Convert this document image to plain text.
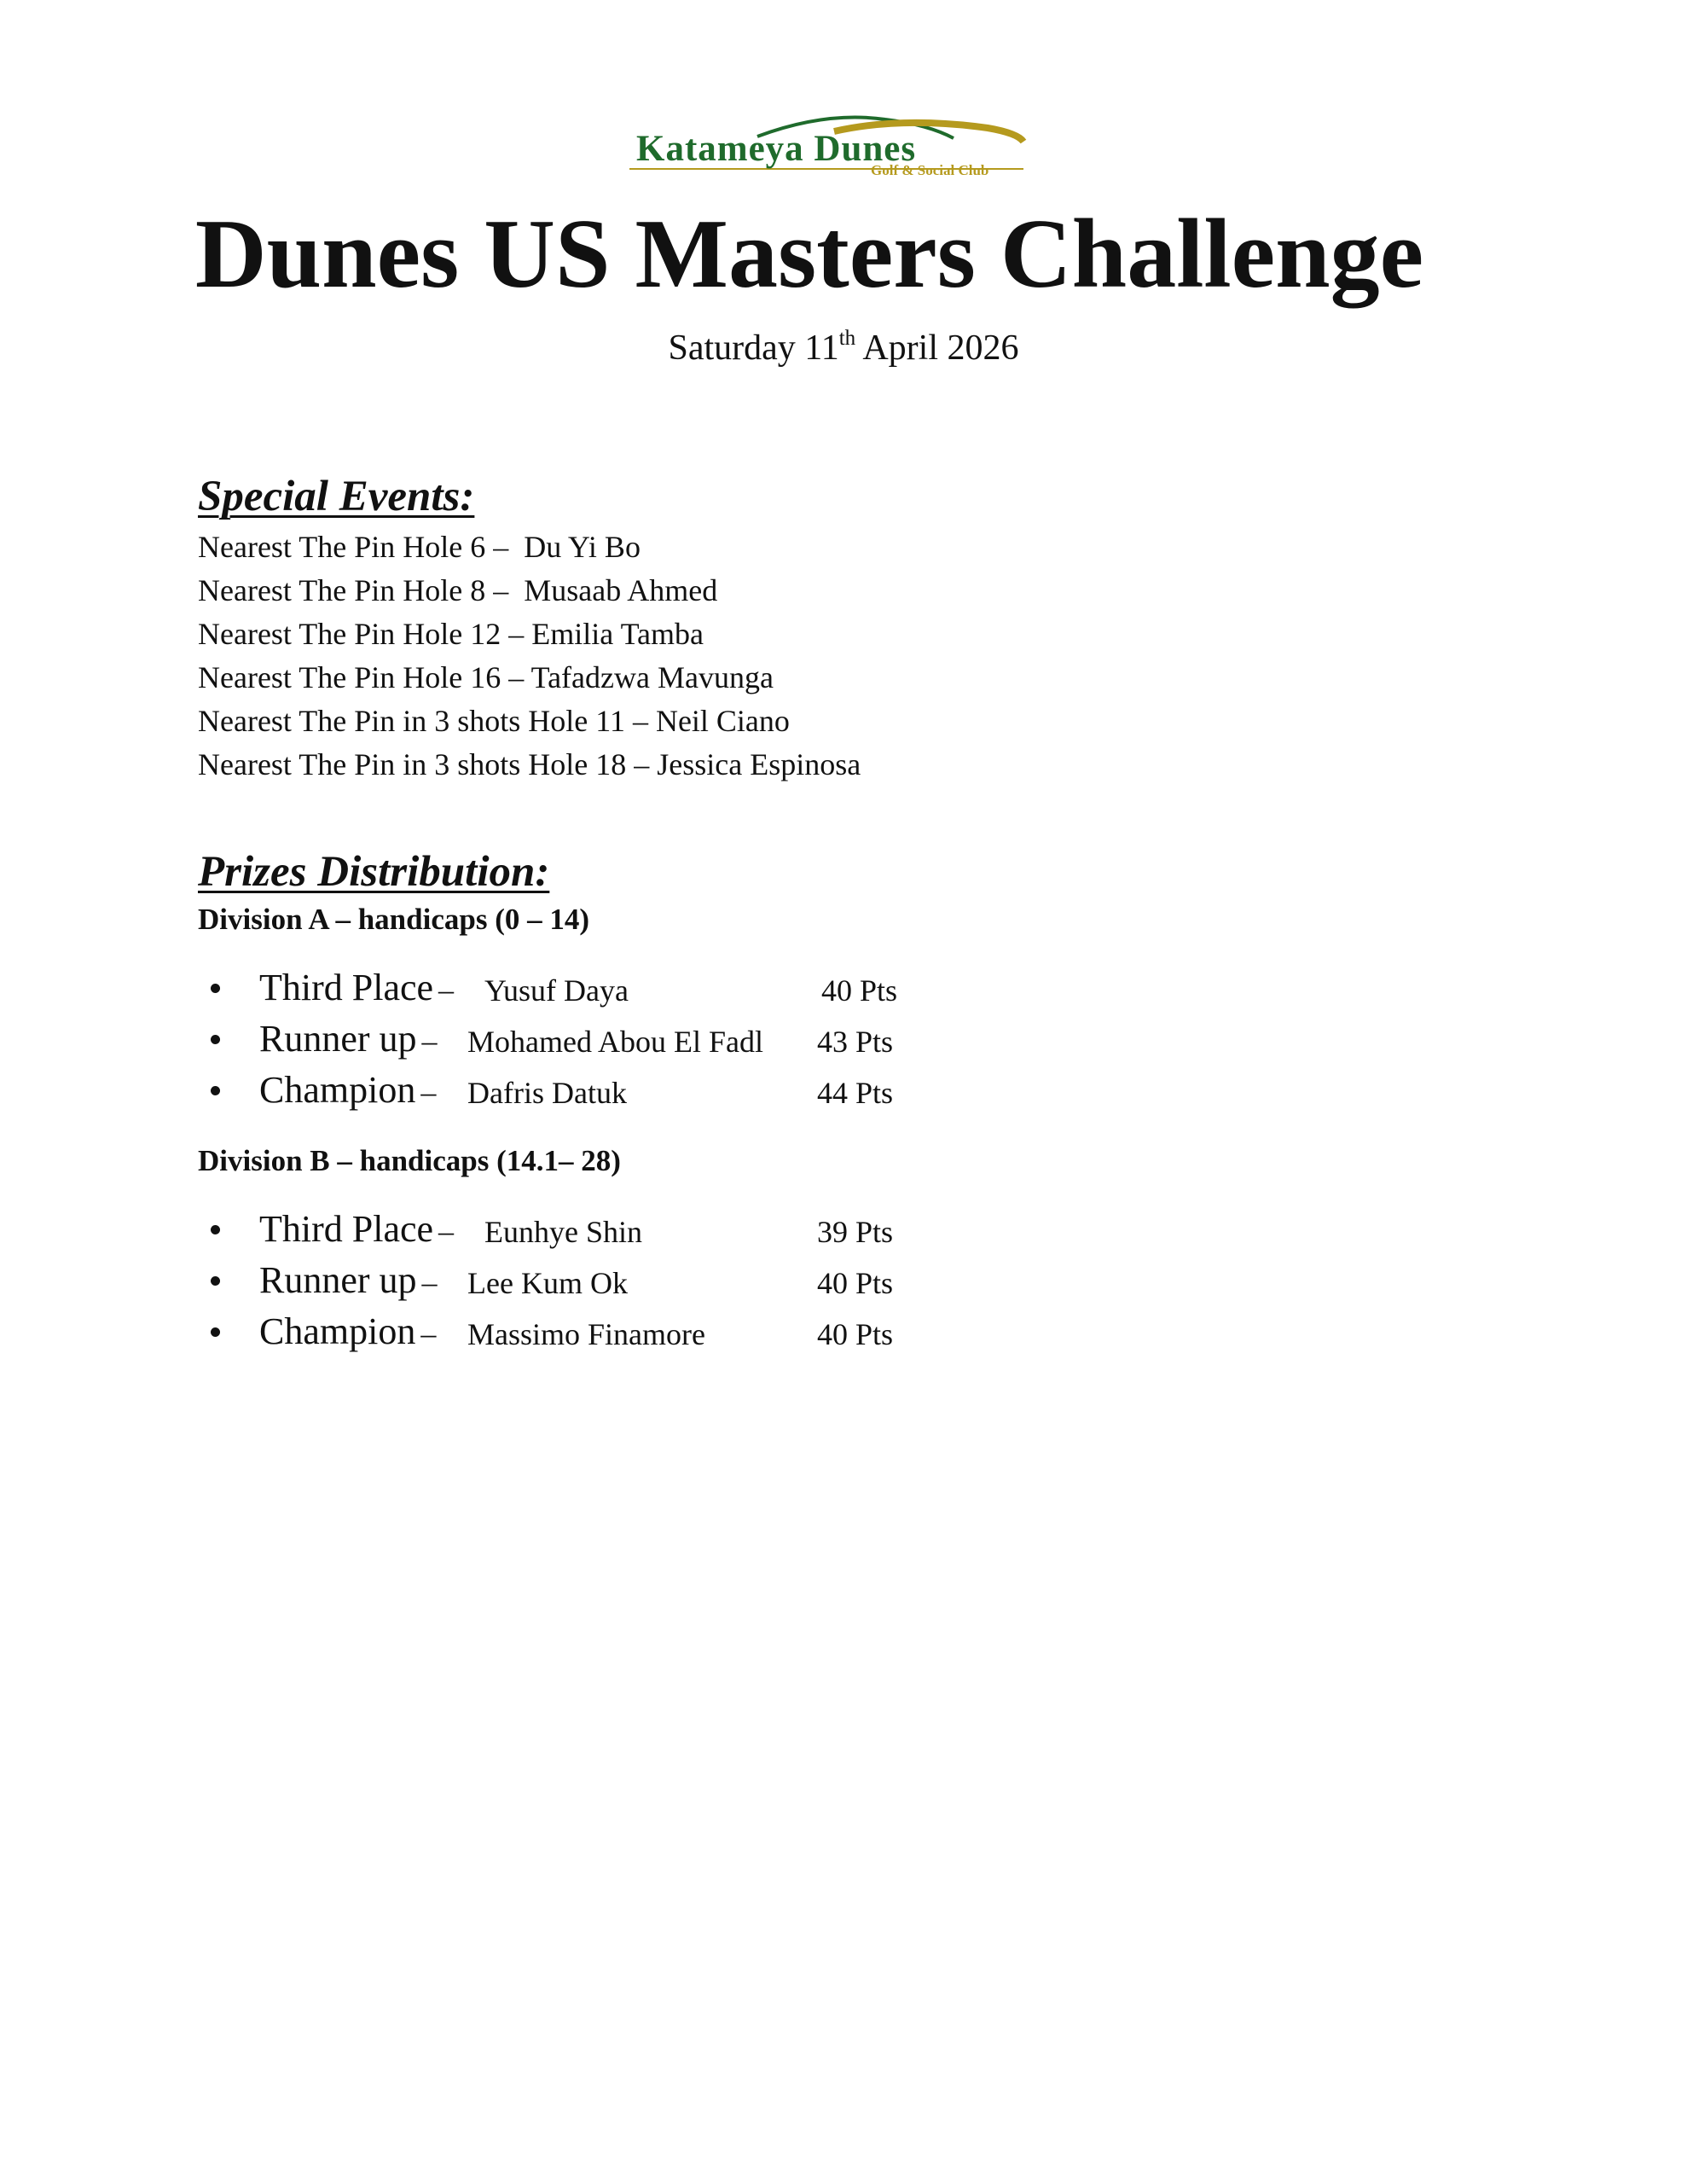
Katameya Dunes
Golf & Social Club
Dunes US Masters Challenge
Saturday 11th April 2026
Special Events:
Nearest The Pin Hole 6 –  Du Yi Bo
Nearest The Pin Hole 8 –  Musaab Ahmed
Nearest The Pin Hole 12 – Emilia Tamba
Nearest The Pin Hole 16 – Tafadzwa Mavunga
Nearest The Pin in 3 shots Hole 11 – Neil Ciano
Nearest The Pin in 3 shots Hole 18 – Jessica Espinosa
Prizes Distribution:
Division A – handicaps (0 – 14)
Third Place – Yusuf Daya	40 Pts
Runner up – Mohamed Abou El Fadl 43 Pts
Champion – Dafris Datuk	44 Pts
Division B – handicaps (14.1– 28)
Third Place – Eunhye Shin	39 Pts
Runner up – Lee Kum Ok	40 Pts
Champion – Massimo Finamore	40 Pts
